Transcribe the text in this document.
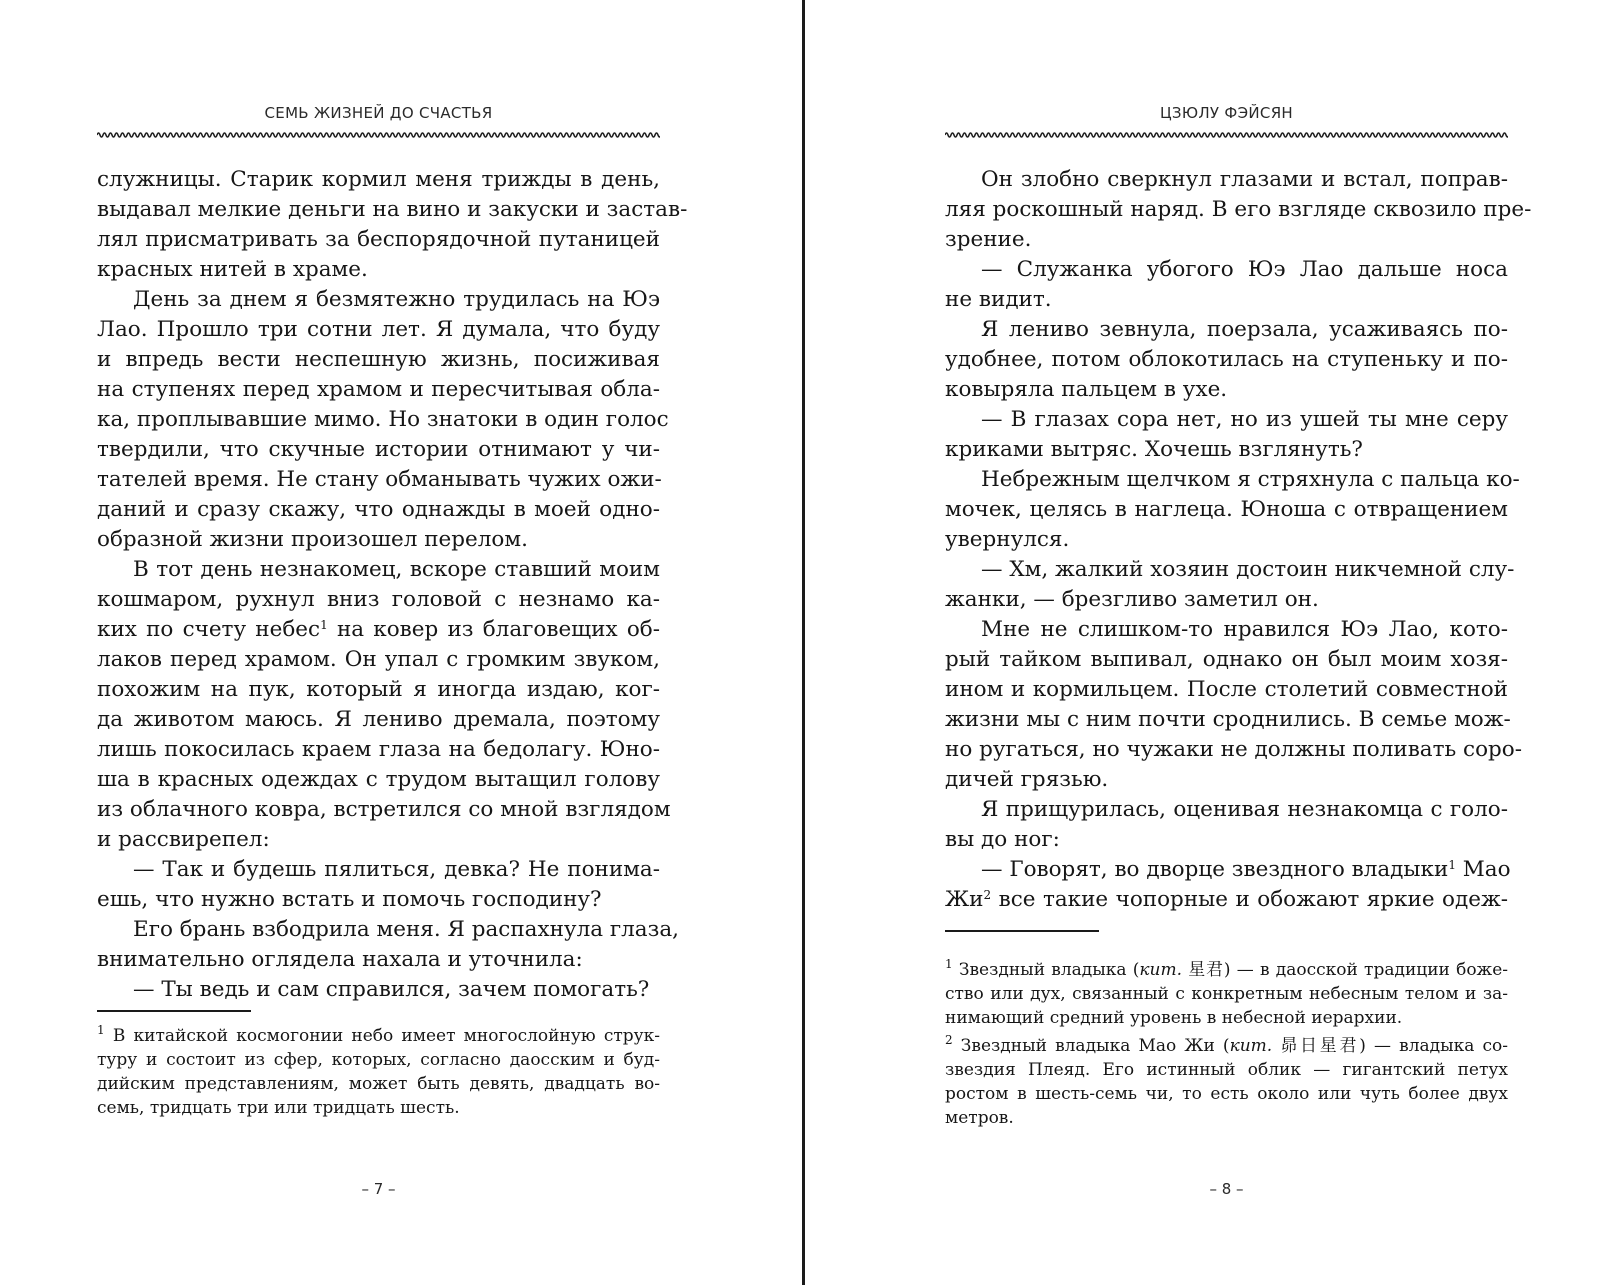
СЕМЬ ЖИЗНЕЙ ДО СЧАСТЬЯ
служницы. Старик кормил меня трижды в день,
выдавал мелкие деньги на вино и закуски и застав-
лял присматривать за беспорядочной путаницей
красных нитей в храме.
День за днем я безмятежно трудилась на Юэ
Лао. Прошло три сотни лет. Я думала, что буду
и впредь вести неспешную жизнь, посиживая
на ступенях перед храмом и пересчитывая обла-
ка, проплывавшие мимо. Но знатоки в один голос
твердили, что скучные истории отнимают у чи-
тателей время. Не стану обманывать чужих ожи-
даний и сразу скажу, что однажды в моей одно-
образной жизни произошел перелом.
В тот день незнакомец, вскоре ставший моим
кошмаром, рухнул вниз головой с незнамо ка-
ких по счету небес$^1$ на ковер из благовещих об-
лаков перед храмом. Он упал с громким звуком,
похожим на пук, который я иногда издаю, ког-
да животом маюсь. Я лениво дремала, поэтому
лишь покосилась краем глаза на бедолагу. Юно-
ша в красных одеждах с трудом вытащил голову
из облачного ковра, встретился со мной взглядом
и рассвирепел:
— Так и будешь пялиться, девка? Не понима-
ешь, что нужно встать и помочь господину?
Его брань взбодрила меня. Я распахнула глаза,
внимательно оглядела нахала и уточнила:
— Ты ведь и сам справился, зачем помогать?
$^1$ В китайской космогонии небо имеет многослойную струк-
туру и состоит из сфер, которых, согласно даосским и буд-
дийским представлениям, может быть девять, двадцать во-
семь, тридцать три или тридцать шесть.
– 7 –
ЦЗЮЛУ ФЭЙСЯН
Он злобно сверкнул глазами и встал, поправ-
ляя роскошный наряд. В его взгляде сквозило пре-
зрение.
— Служанка убогого Юэ Лао дальше носа
не видит.
Я лениво зевнула, поерзала, усаживаясь по-
удобнее, потом облокотилась на ступеньку и по-
ковыряла пальцем в ухе.
— В глазах сора нет, но из ушей ты мне серу
криками вытряс. Хочешь взглянуть?
Небрежным щелчком я стряхнула с пальца ко-
мочек, целясь в наглеца. Юноша с отвращением
увернулся.
— Хм, жалкий хозяин достоин никчемной слу-
жанки, — брезгливо заметил он.
Мне не слишком-то нравился Юэ Лао, кото-
рый тайком выпивал, однако он был моим хозя-
ином и кормильцем. После столетий совместной
жизни мы с ним почти сроднились. В семье мож-
но ругаться, но чужаки не должны поливать сoро-
дичей грязью.
Я прищурилась, оценивая незнакомца с голо-
вы до ног:
— Говорят, во дворце звездного владыки$^1$ Мао
$Жи^2$ все такие чопорные и обожают яркие одеж-
$^1$ Звездный владыка (кит. 星君) — в даосской традиции боже-
ство или дух, связанный с конкретным небесным телом и за-
нимающий средний уровень в небесной иерархии.
$^2$ Звездный владыка Мао Жи (кит. 昴日星君) — владыка со-
звездия Плеяд. Его истинный облик — гигантский петух
ростом в шесть-семь чи, то есть около или чуть более двух
метров.
– 8 –
